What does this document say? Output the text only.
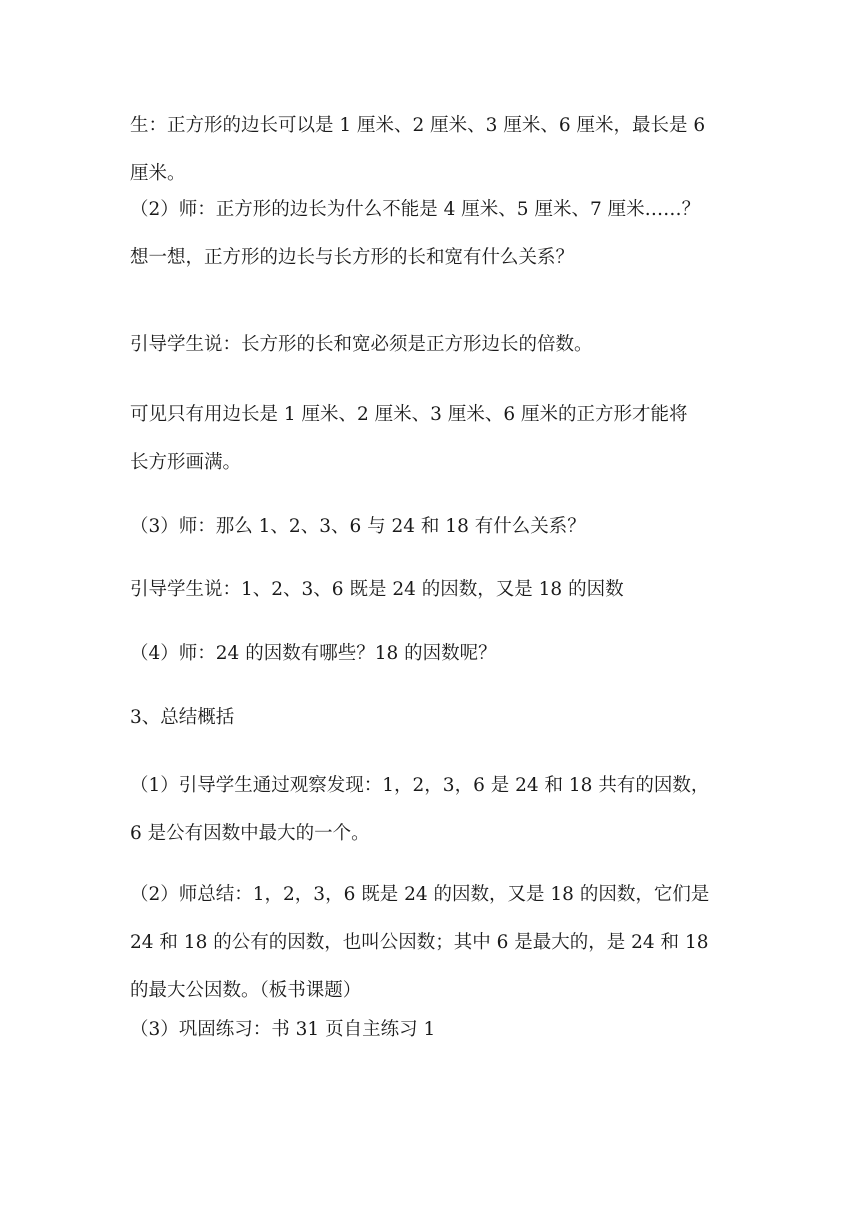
生：正方形的边长可以是 1 厘米、2 厘米、3 厘米、6 厘米，最长是 6
厘米。

（2）师：正方形的边长为什么不能是 4 厘米、5 厘米、7 厘米……？
想一想，正方形的边长与长方形的长和宽有什么关系？

引导学生说：长方形的长和宽必须是正方形边长的倍数。

可见只有用边长是 1 厘米、2 厘米、3 厘米、6 厘米的正方形才能将
长方形画满。

（3）师：那么 1、2、3、6 与 24 和 18 有什么关系？

引导学生说：1、2、3、6 既是 24 的因数，又是 18 的因数

（4）师：24 的因数有哪些？18 的因数呢？

3、总结概括

（1）引导学生通过观察发现：1，2，3，6 是 24 和 18 共有的因数，
6 是公有因数中最大的一个。

（2）师总结：1，2，3，6 既是 24 的因数，又是 18 的因数，它们是
24 和 18 的公有的因数，也叫公因数；其中 6 是最大的，是 24 和 18
的最大公因数。（板书课题）

（3）巩固练习：书 31 页自主练习 1
